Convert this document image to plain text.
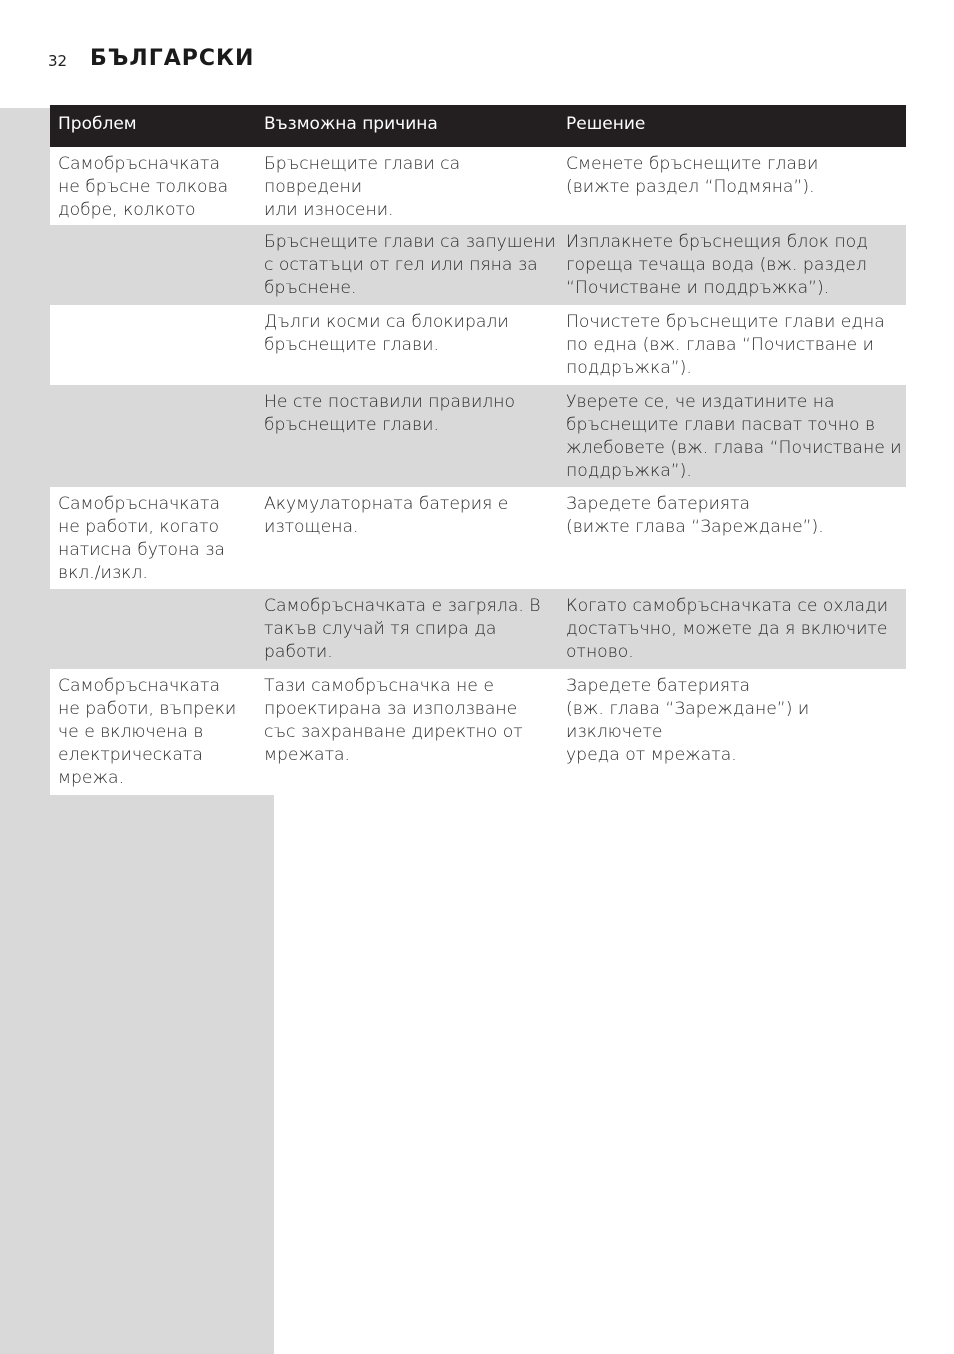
32 БЪЛГАРСКИ
Проблем	Възможна причина	Решение
Самобръсначката
не бръсне толкова
добре, колкото
Бръснещите глави са повредени
или износени.
Сменете бръснещите глави
(вижте раздел “Подмяна”).
Бръснещите глави са запушени
с остатъци от гел или пяна за
бръснене.
Изплакнете бръснещия блок под
гореща течаща вода (вж. раздел
“Почистване и поддръжка”).
Дълги косми са блокирали
бръснещите глави.
Почистете бръснещите глави една
по една (вж. глава “Почистване и
поддръжка”).
Не сте поставили правилно
бръснещите глави.
Уверете се, че издатините на
бръснещите глави пасват точно в
жлебовете (вж. глава “Почистване и
поддръжка”).
Самобръсначката
не работи, когато
натисна бутона за
вкл./изкл.
Акумулаторната батерия е
изтощена.
Заредете батерията
(вижте глава “Зареждане”).
Самобръсначката е загряла. В
такъв случай тя спира да работи.
Когато самобръсначката се охлади
достатъчно, можете да я включите
отново.
Самобръсначката
не работи, въпреки
че е включена в
електрическата
мрежа.
Тази самобръсначка не е
проектирана за използване
със захранване директно от
мрежата.
Заредете батерията
(вж. глава “Зареждане”) и изключете
уреда от мрежата.
